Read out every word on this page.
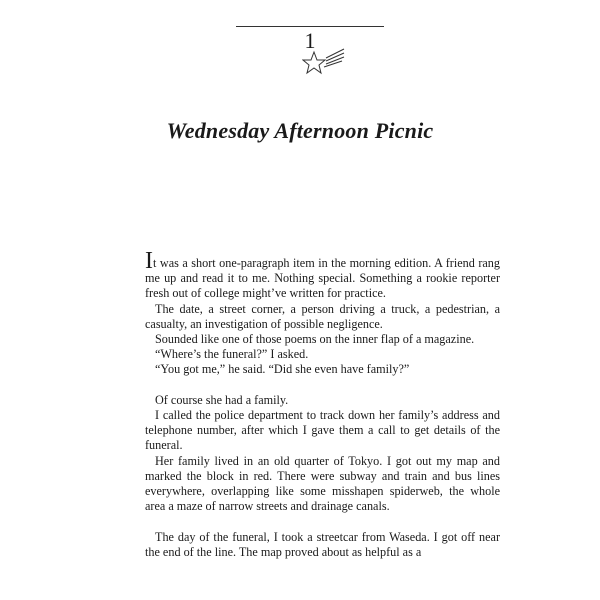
1
Wednesday Afternoon Picnic

It was a short one-paragraph item in the morning edition. A friend rang me up and read it to me. Nothing special. Something a rookie reporter fresh out of college might’ve written for practice.

The date, a street corner, a person driving a truck, a pedestrian, a casualty, an investigation of possible negligence.

Sounded like one of those poems on the inner flap of a magazine.

“Where’s the funeral?” I asked.

“You got me,” he said. “Did she even have family?”

Of course she had a family.

I called the police department to track down her family’s address and telephone number, after which I gave them a call to get details of the funeral.

Her family lived in an old quarter of Tokyo. I got out my map and marked the block in red. There were subway and train and bus lines everywhere, overlapping like some misshapen spiderweb, the whole area a maze of narrow streets and drainage canals.

The day of the funeral, I took a streetcar from Waseda. I got off near the end of the line. The map proved about as helpful as a
